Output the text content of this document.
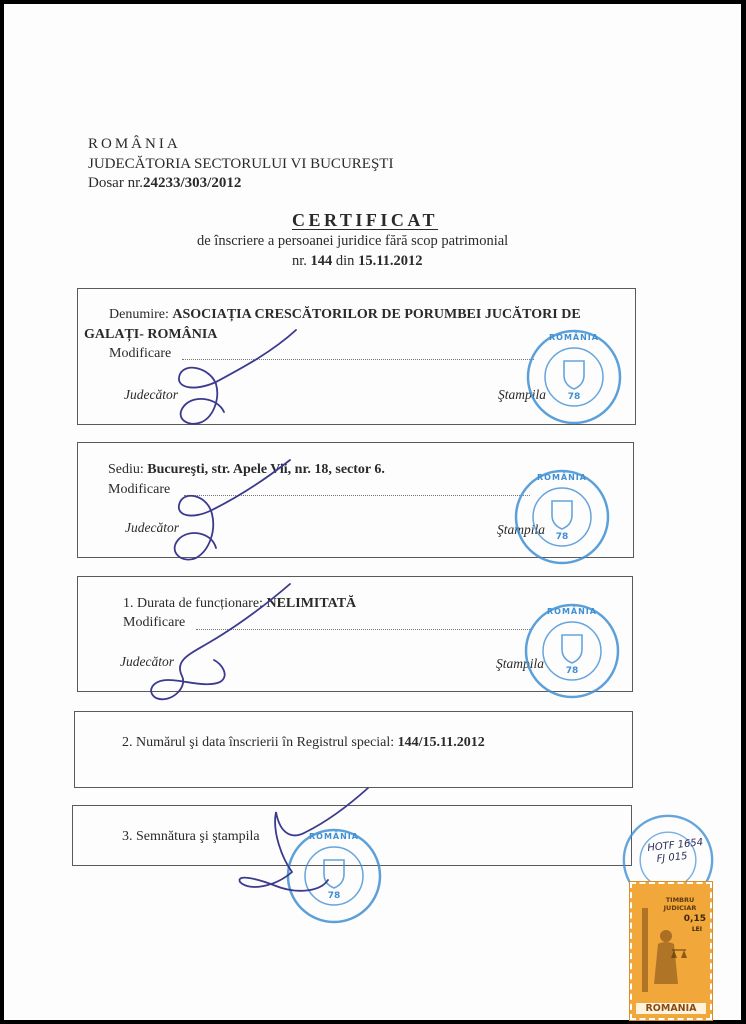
ROMÂNIA
JUDECĂTORIA SECTORULUI VI BUCUREŞTI
Dosar nr.24233/303/2012
CERTIFICAT
de înscriere a persoanei juridice fără scop patrimonial
nr. 144 din 15.11.2012
Denumire: ASOCIAȚIA CRESCĂTORILOR DE PORUMBEI JUCĂTORI DE
GALAȚI- ROMÂNIA
Modificare
Judecător	Ştampila
Sediu: Bucureşti, str. Apele Vii, nr. 18, sector 6.
Modificare
Judecător	Ştampila
1. Durata de funcționare: NELIMITATĂ
Modificare
Judecător	Ştampila
2. Numărul şi data înscrierii în Registrul special: 144/15.11.2012
3. Semnătura şi ştampila
78
ROMÂNIA
78
ROMÂNIA
78
ROMÂNIA
78
ROMÂNIA
HOTF 1654
FJ 015
TIMBRU JUDICIAR
0,15
LEI
ROMANIA
